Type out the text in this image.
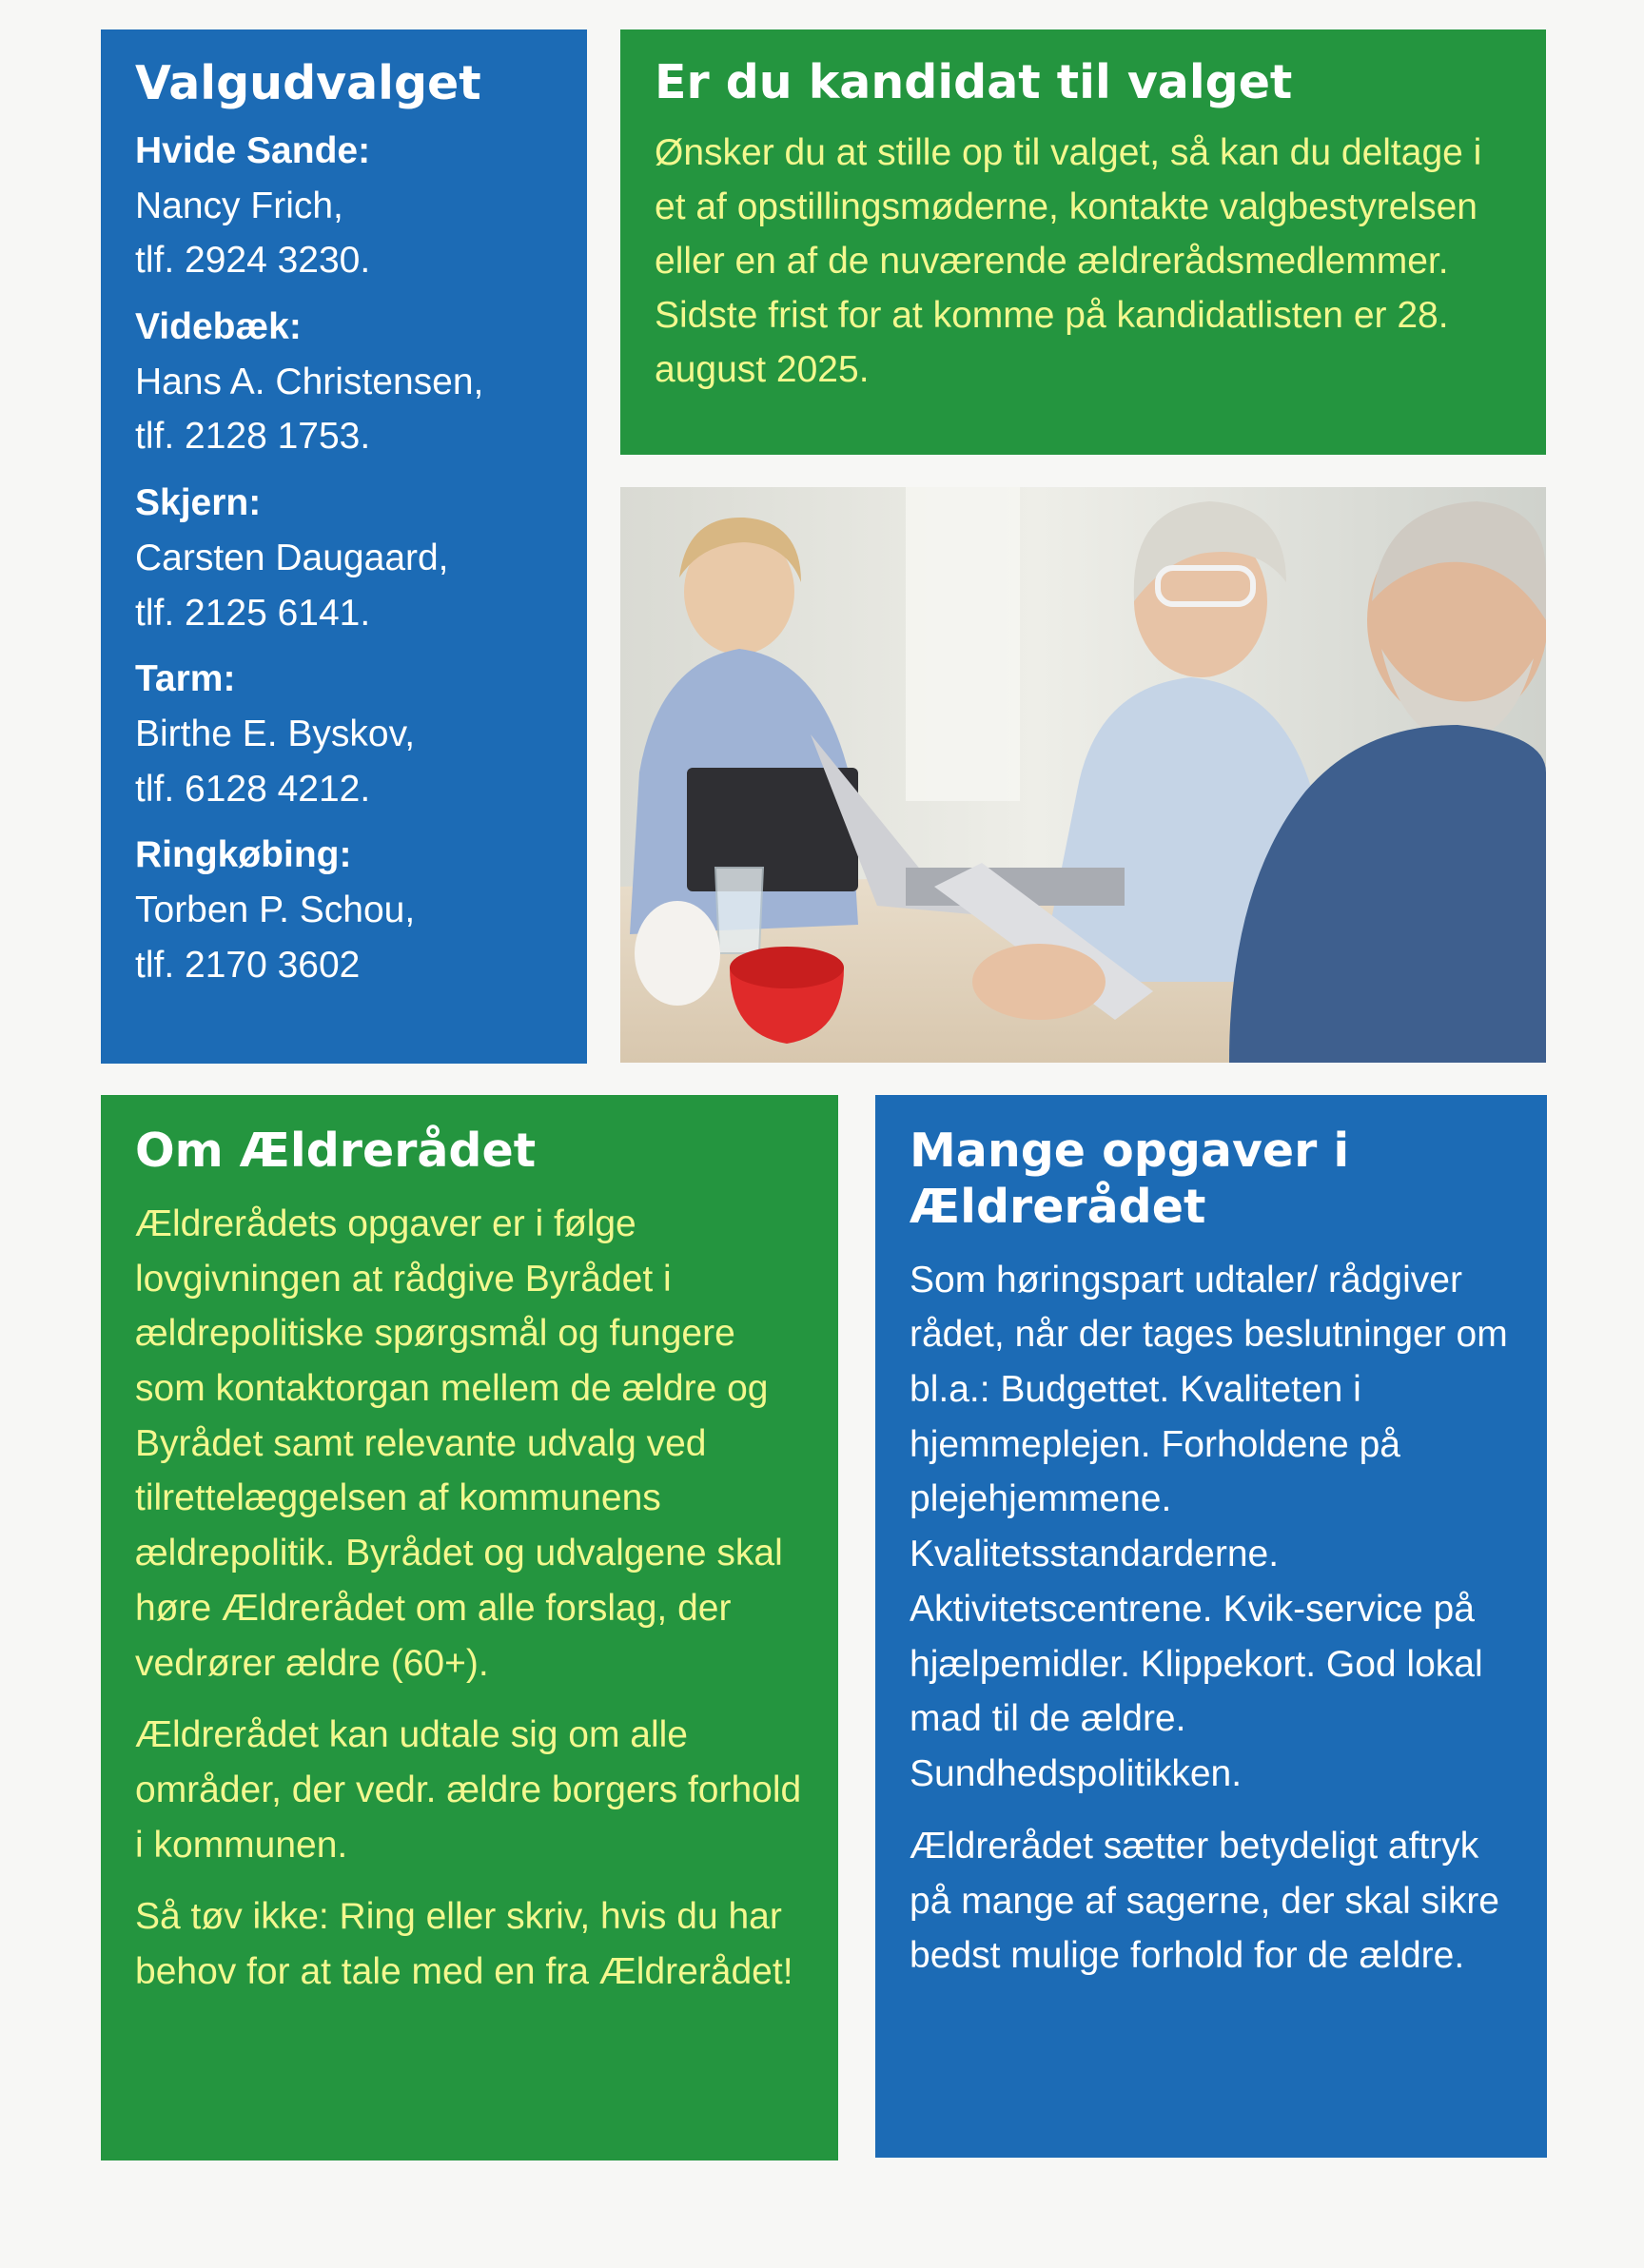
Valgudvalget
Hvide Sande:
Nancy Frich,
tlf. 2924 3230.
Videbæk:
Hans A. Christensen,
tlf. 2128 1753.
Skjern:
Carsten Daugaard,
tlf. 2125 6141.
Tarm:
Birthe E. Byskov,
tlf. 6128 4212.
Ringkøbing:
Torben P. Schou,
tlf. 2170 3602
Er du kandidat til valget

Ønsker du at stille op til valget, så kan du deltage i et af opstillingsmøderne, kontakte valgbestyrelsen eller en af de nuværende ældrerådsmedlemmer. Sidste frist for at komme på kandidatlisten er 28. august 2025.

Om Ældrerådet

Ældrerådets opgaver er i følge lovgivningen at rådgive Byrådet i ældrepolitiske spørgsmål og fungere som kontaktorgan mellem de ældre og Byrådet samt relevante udvalg ved tilrettelæggelsen af kommunens ældrepolitik. Byrådet og udvalgene skal høre Ældrerådet om alle forslag, der vedrører ældre (60+).

Ældrerådet kan udtale sig om alle områder, der vedr. ældre borgers forhold i kommunen.

Så tøv ikke: Ring eller skriv, hvis du har behov for at tale med en fra Ældrerådet!

Mange opgaver i Ældrerådet

Som høringspart udtaler/ rådgiver rådet, når der tages beslutninger om bl.a.: Budgettet. Kvaliteten i hjemmeplejen. Forholdene på plejehjemmene. Kvalitetsstandarderne. Aktivitetscentrene. Kvik-service på hjælpemidler. Klippekort. God lokal mad til de ældre. Sundhedspolitikken.

Ældrerådet sætter betydeligt aftryk på mange af sagerne, der skal sikre bedst mulige forhold for de ældre.
